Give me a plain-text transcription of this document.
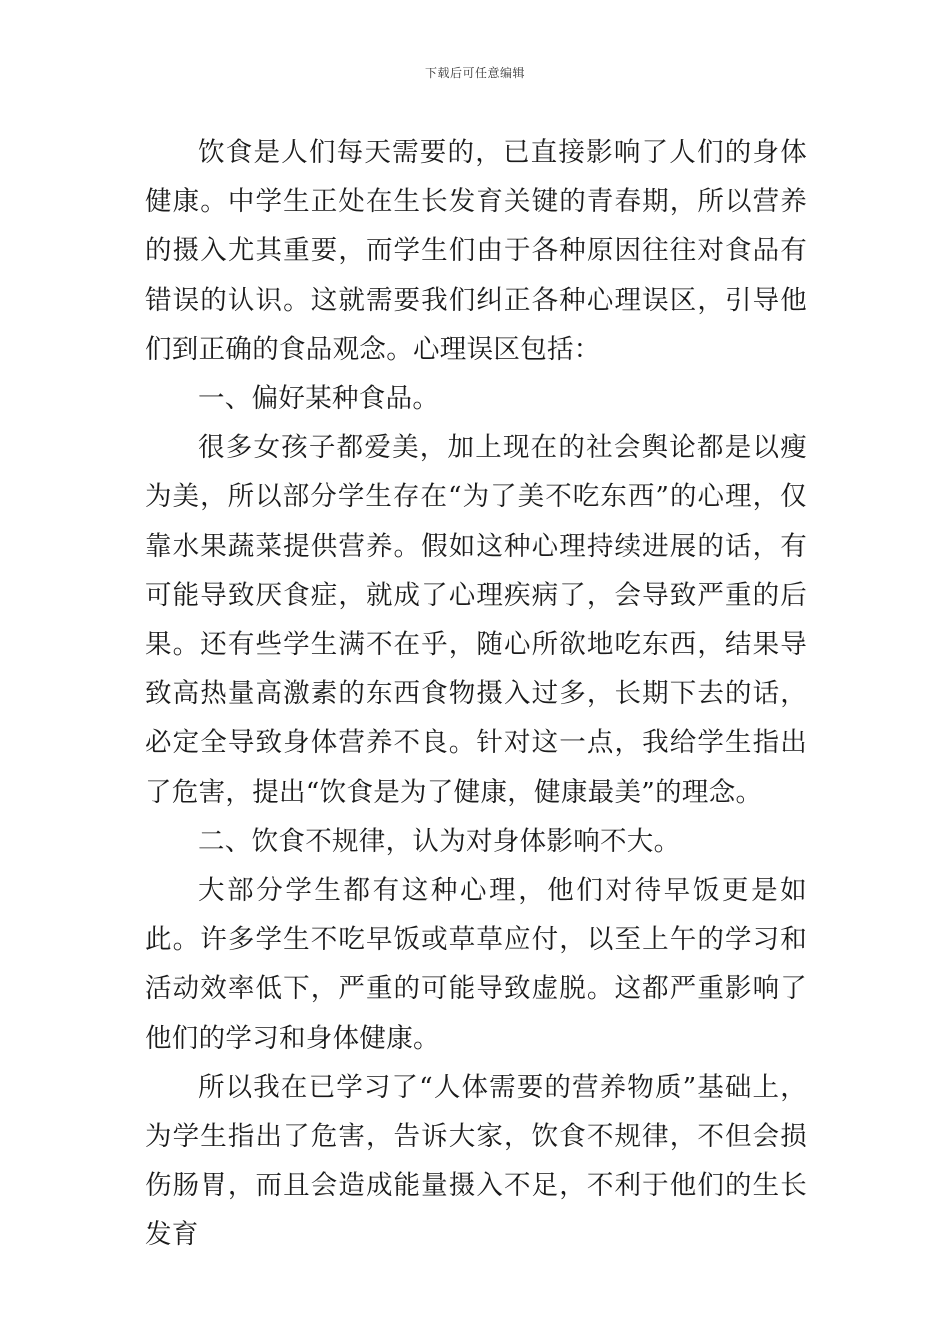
下载后可任意编辑

饮食是人们每天需要的，已直接影响了人们的身体健康。中学生正处在生长发育关键的青春期，所以营养的摄入尤其重要，而学生们由于各种原因往往对食品有错误的认识。这就需要我们纠正各种心理误区，引导他们到正确的食品观念。心理误区包括：

一、偏好某种食品。

很多女孩子都爱美，加上现在的社会舆论都是以瘦为美，所以部分学生存在“为了美不吃东西”的心理，仅靠水果蔬菜提供营养。假如这种心理持续进展的话，有可能导致厌食症，就成了心理疾病了，会导致严重的后果。还有些学生满不在乎，随心所欲地吃东西，结果导致高热量高激素的东西食物摄入过多，长期下去的话，必定全导致身体营养不良。针对这一点，我给学生指出了危害，提出“饮食是为了健康，健康最美”的理念。

二、饮食不规律，认为对身体影响不大。

大部分学生都有这种心理，他们对待早饭更是如此。许多学生不吃早饭或草草应付，以至上午的学习和活动效率低下，严重的可能导致虚脱。这都严重影响了他们的学习和身体健康。

所以我在已学习了“人体需要的营养物质”基础上，为学生指出了危害，告诉大家，饮食不规律，不但会损伤肠胃，而且会造成能量摄入不足，不利于他们的生长发育
